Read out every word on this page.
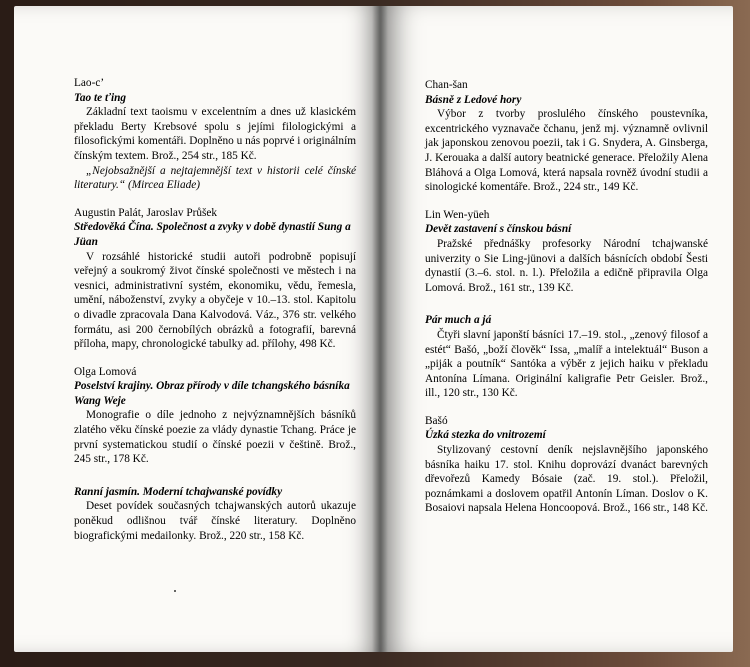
Lao-c’

Tao te ťing

Základní text taoismu v excelentním a dnes už klasickém překladu Berty Krebsové spolu s jejími filologickými a filosofickými komentáři. Doplněno u nás poprvé i originálním čínským textem. Brož., 254 str., 185 Kč.

„Nejobsažnější a nejtajemnější text v historii celé čínské literatury.“ (Mircea Eliade)

Augustin Palát, Jaroslav Průšek

Středověká Čína. Společnost a zvyky v době dynastií Sung a Jüan

V rozsáhlé historické studii autoři podrobně popisují veřejný a soukromý život čínské společnosti ve městech i na vesnici, administrativní systém, ekonomiku, vědu, řemesla, umění, náboženství, zvyky a obyčeje v 10.–13. stol. Kapitolu o divadle zpracovala Dana Kalvodová. Váz., 376 str. velkého formátu, asi 200 černobílých obrázků a fotografií, barevná příloha, mapy, chronologické tabulky ad. přílohy, 498 Kč.

Olga Lomová

Poselství krajiny. Obraz přírody v díle tchangského básníka Wang Weje

Monografie o díle jednoho z nejvýznamnějších básníků zlatého věku čínské poezie za vlády dynastie Tchang. Práce je první systematickou studií o čínské poezii v češtině. Brož., 245 str., 178 Kč.

Ranní jasmín. Moderní tchajwanské povídky

Deset povídek současných tchajwanských autorů ukazuje poněkud odlišnou tvář čínské literatury. Doplněno biografickými medailonky. Brož., 220 str., 158 Kč.

Chan-šan

Básně z Ledové hory

Výbor z tvorby proslulého čínského poustevníka, excentrického vyznavače čchanu, jenž mj. významně ovlivnil jak japonskou zenovou poezii, tak i G. Snydera, A. Ginsberga, J. Kerouaka a další autory beatnické generace. Přeložily Alena Bláhová a Olga Lomová, která napsala rovněž úvodní studii a sinologické komentáře. Brož., 224 str., 149 Kč.

Lin Wen-yüeh

Devět zastavení s čínskou básní

Pražské přednášky profesorky Národní tchajwanské univerzity o Sie Ling-jünovi a dalších básnících období Šesti dynastií (3.–6. stol. n. l.). Přeložila a edičně připravila Olga Lomová. Brož., 161 str., 139 Kč.

Pár much a já

Čtyři slavní japonští básníci 17.–19. stol., „zenový filosof a estét“ Bašó, „boží člověk“ Issa, „malíř a intelektuál“ Buson a „piják a poutník“ Santóka a výběr z jejich haiku v překladu Antonína Límana. Originální kaligrafie Petr Geisler. Brož., ill., 120 str., 130 Kč.

Bašó

Úzká stezka do vnitrozemí

Stylizovaný cestovní deník nejslavnějšího japonského básníka haiku 17. stol. Knihu doprovází dvanáct barevných dřevořezů Kamedy Bósaie (zač. 19. stol.). Přeložil, poznámkami a doslovem opatřil Antonín Líman. Doslov o K. Bosaiovi napsala Helena Honcoopová. Brož., 166 str., 148 Kč.
